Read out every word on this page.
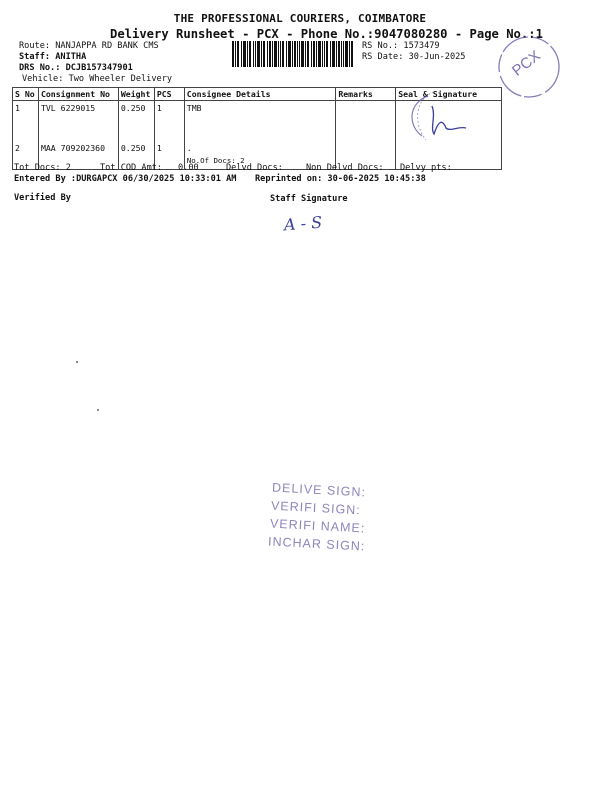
THE PROFESSIONAL COURIERS, COIMBATORE
Delivery Runsheet - PCX - Phone No.:9047080280 - Page No.:1
Route: NANJAPPA RD BANK CMS
Staff: ANITHA
DRS No.: DCJB157347901
Vehicle: Two Wheeler Delivery
RS No.: 1573479
RS Date: 30-Jun-2025	PCX
S No	Consignment No	Weight	PCS	Consignee Details	Remarks	Seal & Signature
1	TVL 6229015	0.250	1	TMB		
2	MAA 709202360	0.250	1	.
No.Of Docs: 2		

Tot Docs: 2	Tot COD Amt: 0.00	Delvd Docs:	Non Delvd Docs: Delvy pts:
Entered By :DURGAPCX 06/30/2025 10:33:01 AM Reprinted on: 30-06-2025 10:45:38
Verified By	Staff Signature
A - S
DELIVE SIGN:
VERIFI SIGN:
VERIFI NAME:
INCHAR SIGN:
